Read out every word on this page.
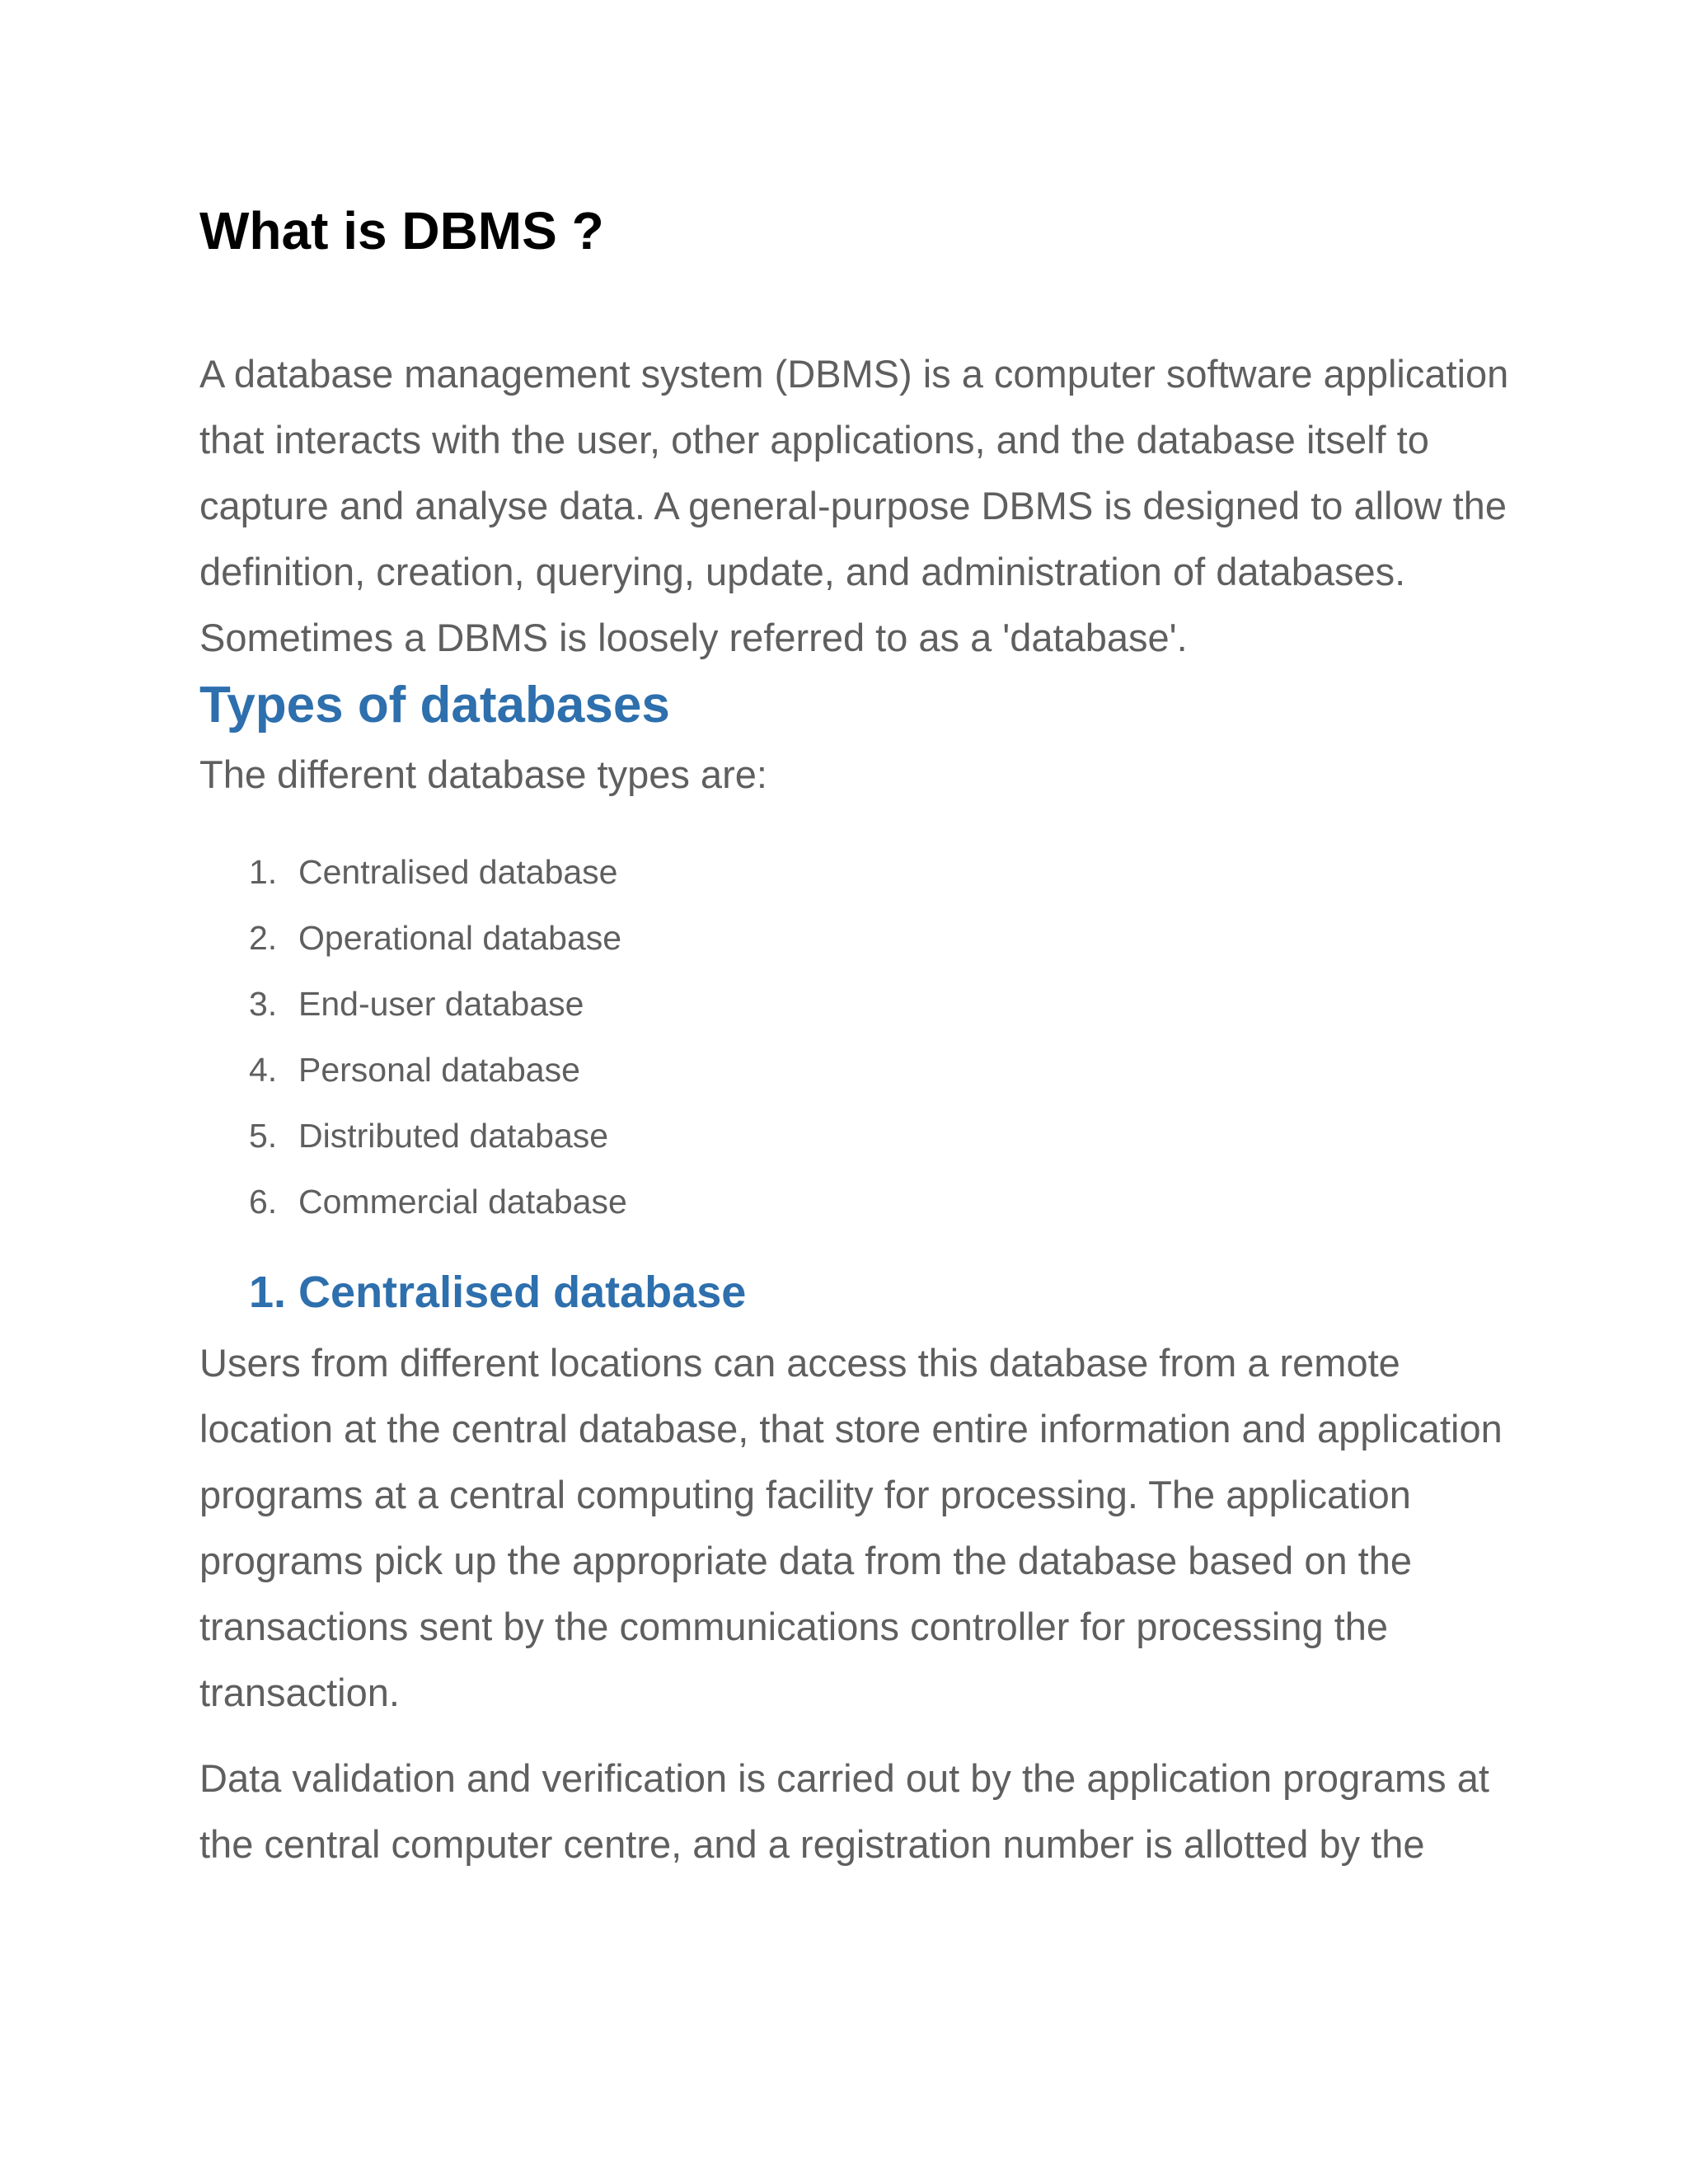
What is DBMS ?

A database management system (DBMS) is a computer software application that interacts with the user, other applications, and the database itself to capture and analyse data. A general-purpose DBMS is designed to allow the definition, creation, querying, update, and administration of databases. Sometimes a DBMS is loosely referred to as a 'database'.

Types of databases

The different database types are:

1. Centralised database
2. Operational database
3. End-user database
4. Personal database
5. Distributed database
6. Commercial database
1. Centralised database

Users from different locations can access this database from a remote location at the central database, that store entire information and application programs at a central computing facility for processing. The application programs pick up the appropriate data from the database based on the transactions sent by the communications controller for processing the transaction.

Data validation and verification is carried out by the application programs at the central computer centre, and a registration number is allotted by the
